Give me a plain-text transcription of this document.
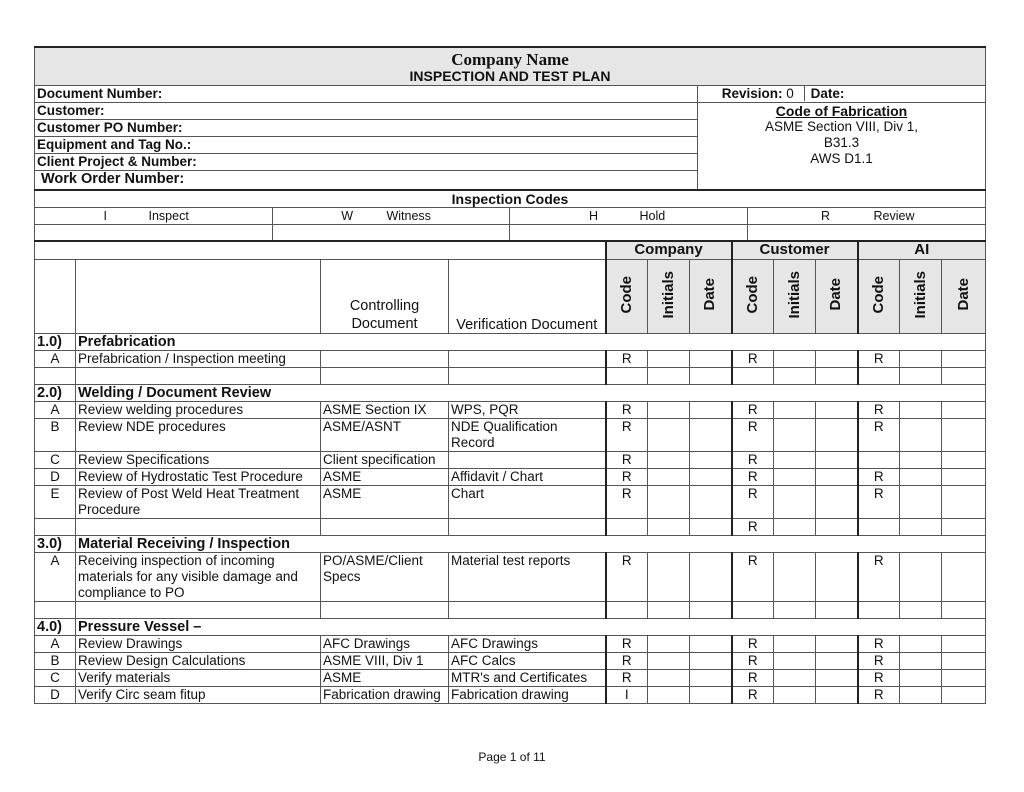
Company Name
INSPECTION AND TEST PLAN	

Document Number:	Revision: 0 Date:
Customer:	Code of Fabrication
ASME Section VIII, Div 1,
B31.3
AWS D1.1

Customer PO Number:	
Equipment and Tag No.:	
Client Project & Number:	
Work Order Number:	
Inspection Codes			
I Inspect	W Witness	H Hold	R Review

				Company			Customer			AI		
		Controlling Document	Verification Document	Code	Initials	Date	Code	Initials	Date	Code	Initials	Date
1.0)	Prefabrication											
A	Prefabrication / Inspection meeting			R			R			R		

2.0)	Welding / Document Review											
A	Review welding procedures	ASME Section IX	WPS, PQR	R			R			R		
B	Review NDE procedures	ASME/ASNT	NDE Qualification Record	R			R			R		
C	Review Specifications	Client specification		R			R					
D	Review of Hydrostatic Test Procedure	ASME	Affidavit / Chart	R			R			R		
E	Review of Post Weld Heat Treatment Procedure	ASME	Chart	R			R			R		
							R					
3.0)	Material Receiving / Inspection											
A	Receiving inspection of incoming materials for any visible damage and compliance to PO	PO/ASME/Client Specs	Material test reports	R			R			R		

4.0)	Pressure Vessel –											
A	Review Drawings	AFC Drawings	AFC Drawings	R			R			R		
B	Review Design Calculations	ASME VIII, Div 1	AFC Calcs	R			R			R		
C	Verify materials	ASME	MTR's and Certificates	R			R			R		
D	Verify Circ seam fitup	Fabrication drawing	Fabrication drawing	I			R			R		
Page 1 of 11
